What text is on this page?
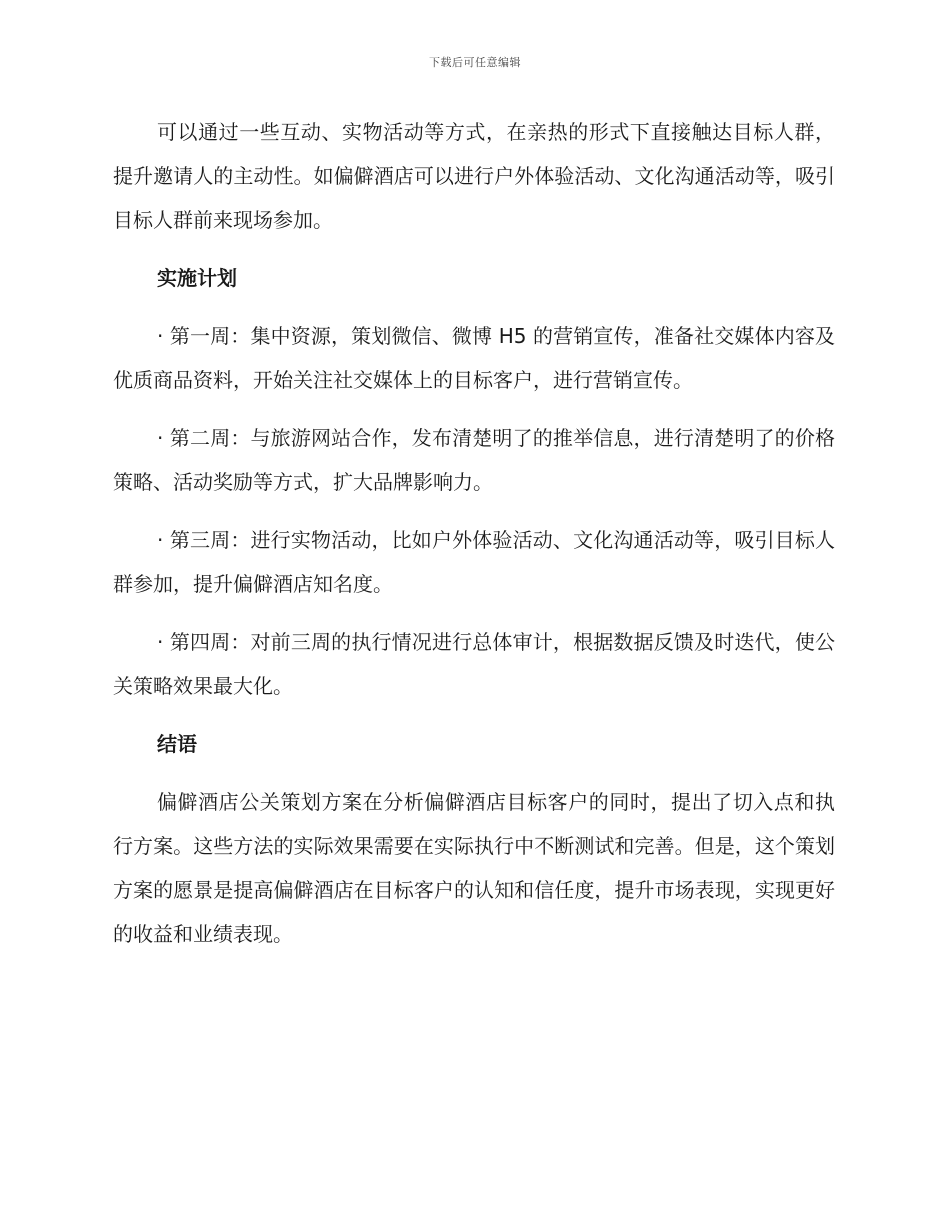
下载后可任意编辑

可以通过一些互动、实物活动等方式，在亲热的形式下直接触达目标人群，提升邀请人的主动性。如偏僻酒店可以进行户外体验活动、文化沟通活动等，吸引目标人群前来现场参加。

实施计划

· 第一周：集中资源，策划微信、微博 H5 的营销宣传，准备社交媒体内容及优质商品资料，开始关注社交媒体上的目标客户，进行营销宣传。

· 第二周：与旅游网站合作，发布清楚明了的推举信息，进行清楚明了的价格策略、活动奖励等方式，扩大品牌影响力。

· 第三周：进行实物活动，比如户外体验活动、文化沟通活动等，吸引目标人群参加，提升偏僻酒店知名度。

· 第四周：对前三周的执行情况进行总体审计，根据数据反馈及时迭代，使公关策略效果最大化。

结语

偏僻酒店公关策划方案在分析偏僻酒店目标客户的同时，提出了切入点和执行方案。这些方法的实际效果需要在实际执行中不断测试和完善。但是，这个策划方案的愿景是提高偏僻酒店在目标客户的认知和信任度，提升市场表现，实现更好的收益和业绩表现。
